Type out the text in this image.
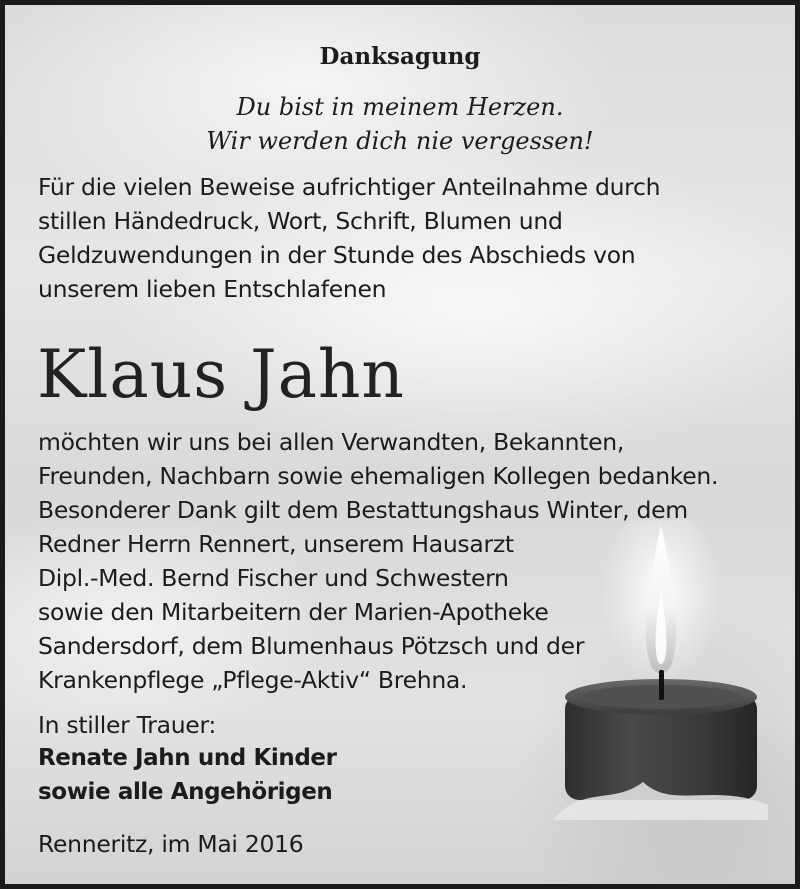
Danksagung
Du bist in meinem Herzen.
Wir werden dich nie vergessen!
Für die vielen Beweise aufrichtiger Anteilnahme durch
stillen Händedruck, Wort, Schrift, Blumen und
Geldzuwendungen in der Stunde des Abschieds von
unserem lieben Entschlafenen
Klaus Jahn
möchten wir uns bei allen Verwandten, Bekannten,
Freunden, Nachbarn sowie ehemaligen Kollegen bedanken.
Besonderer Dank gilt dem Bestattungshaus Winter, dem
Redner Herrn Rennert, unserem Hausarzt
Dipl.-Med. Bernd Fischer und Schwestern
sowie den Mitarbeitern der Marien-Apotheke
Sandersdorf, dem Blumenhaus Pötzsch und der
Krankenpflege „Pflege-Aktiv“ Brehna.
In stiller Trauer:
Renate Jahn und Kinder
sowie alle Angehörigen
Renneritz, im Mai 2016
